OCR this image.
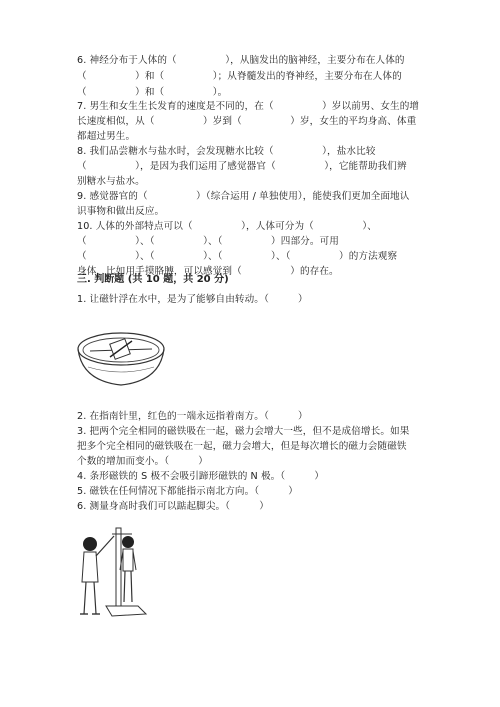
6. 神经分布于人体的（　　　　　），从脑发出的脑神经，主要分布在人体的
（　　　　　）和（　　　　　）；从脊髓发出的脊神经，主要分布在人体的
（　　　　　）和（　　　　　）。
7. 男生和女生生长发育的速度是不同的，在（　　　　　）岁以前男、女生的增
长速度相似，从（　　　　　）岁到（　　　　　）岁，女生的平均身高、体重
都超过男生。
8. 我们品尝糖水与盐水时，会发现糖水比较（　　　　　），盐水比较
（　　　　　），是因为我们运用了感觉器官（　　　　　），它能帮助我们辨
别糖水与盐水。
9. 感觉器官的（　　　　　）（综合运用 / 单独使用），能使我们更加全面地认
识事物和做出反应。
10. 人体的外部特点可以（　　　　　），人体可分为（　　　　　）、
（　　　　　）、（　　　　　）、（　　　　　）四部分。可用
（　　　　　）、（　　　　　）、（　　　　　）、（　　　　　）的方法观察
身体，比如用手摸胳膊，可以感觉到（　　　　　）的存在。
三. 判断题 (共 10 题，共 20 分)
1. 让磁针浮在水中，是为了能够自由转动。（　　　）
2. 在指南针里，红色的一端永远指着南方。（　　　）
3. 把两个完全相同的磁铁吸在一起，磁力会增大一些，但不是成倍增长。如果
把多个完全相同的磁铁吸在一起，磁力会增大，但是每次增长的磁力会随磁铁
个数的增加而变小。（　　　）
4. 条形磁铁的 S 极不会吸引蹄形磁铁的 N 极。（　　　）
5. 磁铁在任何情况下都能指示南北方向。（　　　）
6. 测量身高时我们可以踮起脚尖。（　　　）
